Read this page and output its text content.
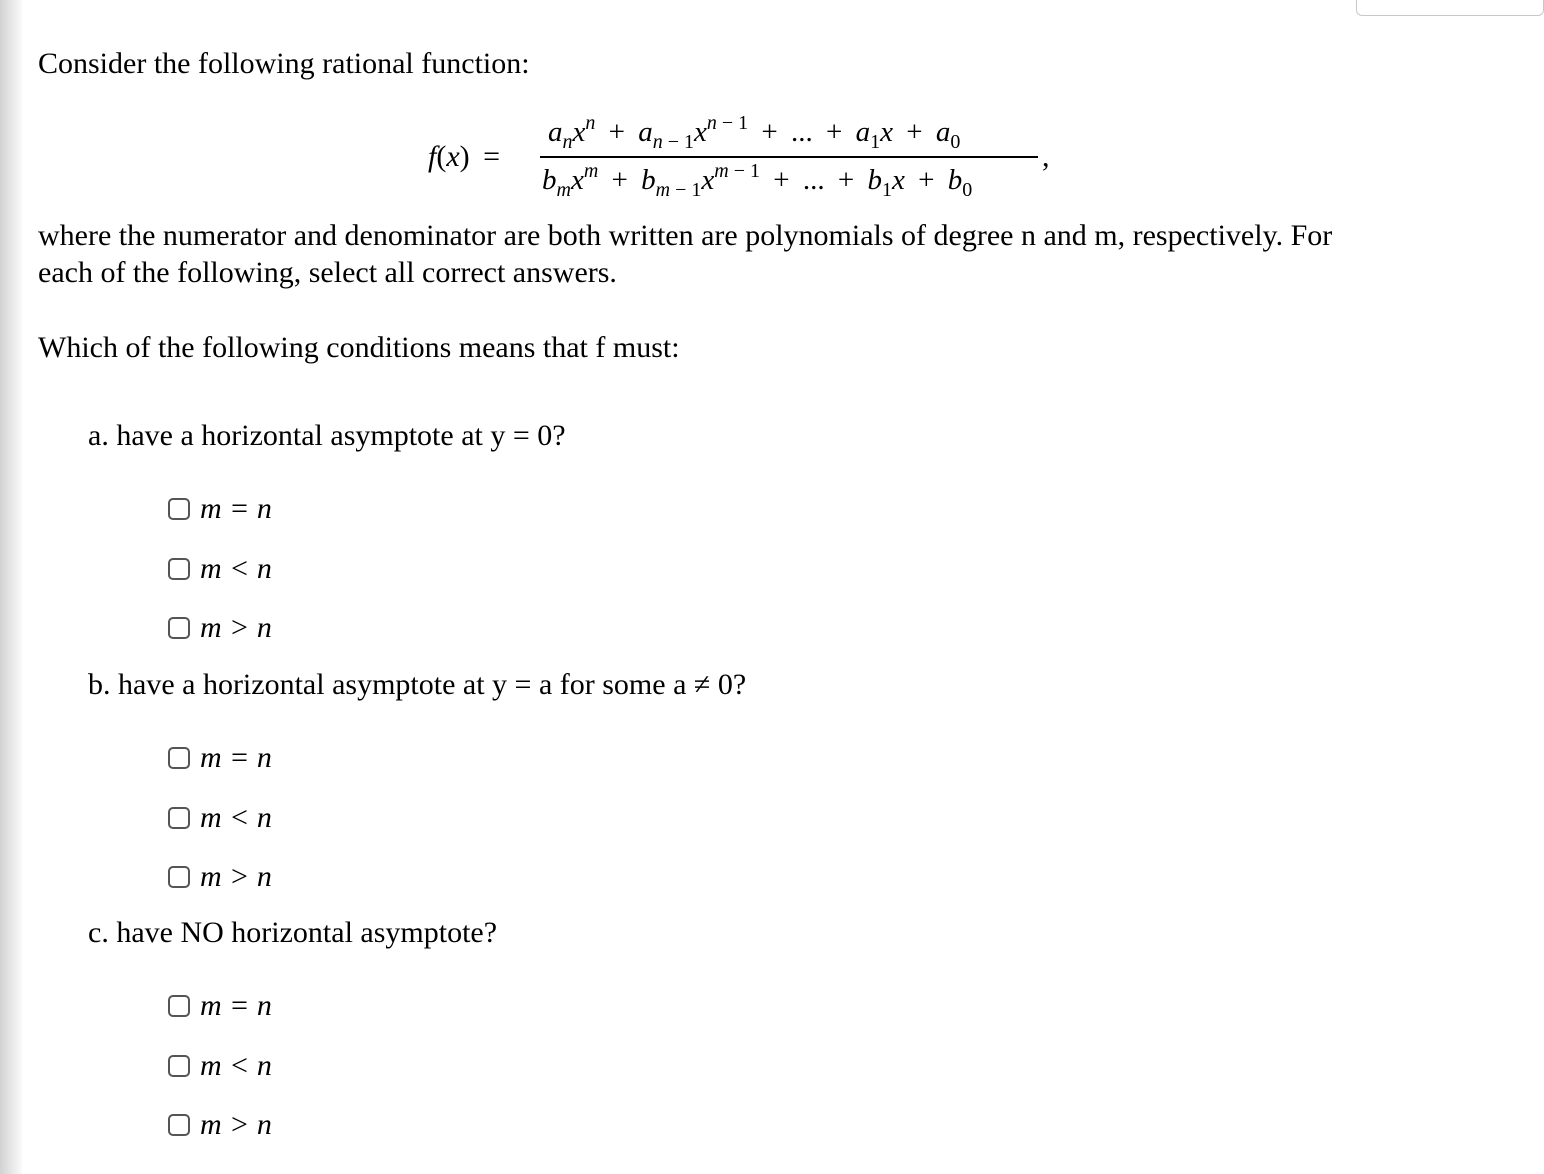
Consider the following rational function:
f(x) =
$a_nx^n + a_{n - 1}x^{n - 1}$ + ... + $a_1x + a_0$
$b_mx^m + b_{m - 1}x^{m - 1}$ + ... + $b_1x + b_0$
,
where the numerator and denominator are both written are polynomials of degree n and m, respectively. For
each of the following, select all correct answers.
Which of the following conditions means that f must:
a. have a horizontal asymptote at y = 0?
m = n
m < n
m > n
b. have a horizontal asymptote at y = a for some a ≠ 0?
m = n
m < n
m > n
c. have NO horizontal asymptote?
m = n
m < n
m > n
